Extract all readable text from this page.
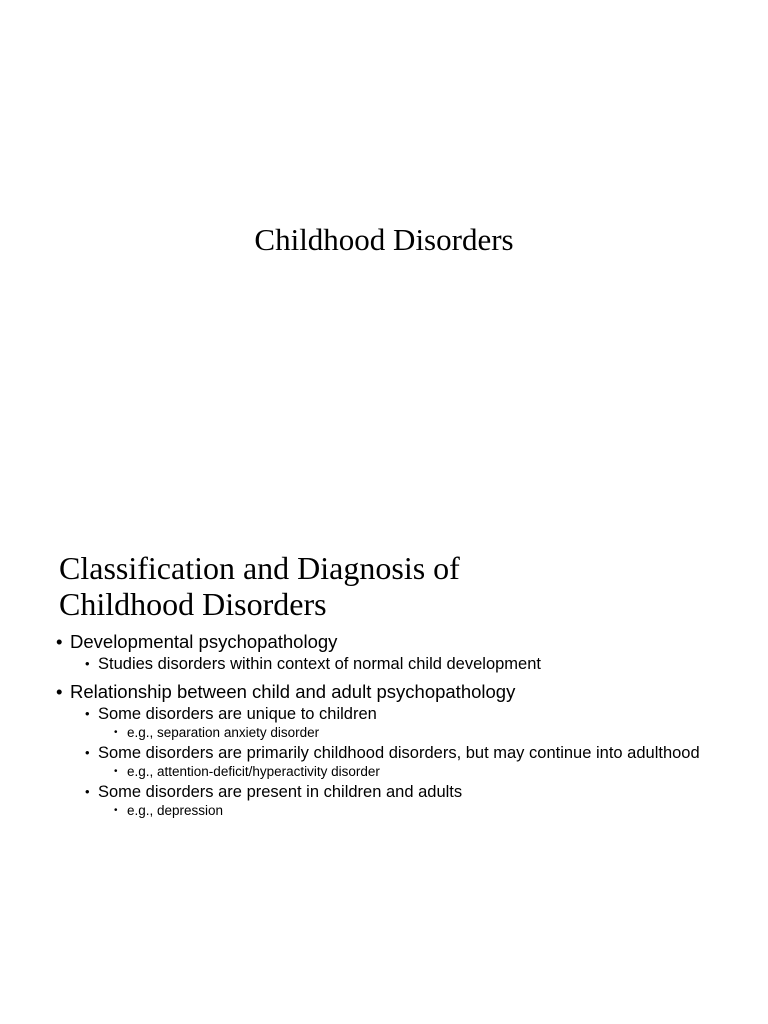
Childhood Disorders
Classification and Diagnosis of
Childhood Disorders
• Developmental psychopathology
• Studies disorders within context of normal child development
• Relationship between child and adult psychopathology
• Some disorders are unique to children
• e.g., separation anxiety disorder
• Some disorders are primarily childhood disorders, but may continue into adulthood
• e.g., attention-deficit/hyperactivity disorder
• Some disorders are present in children and adults
• e.g., depression
